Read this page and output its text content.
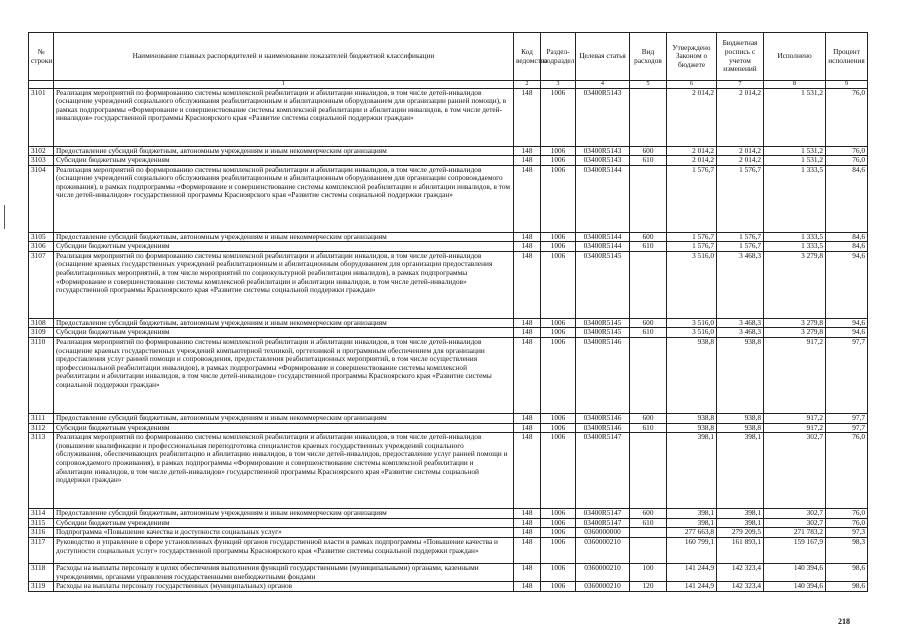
№ строки	Наименование главных распорядителей и наименование показателей бюджетной классификации	Код ведомства	Раздел-подраздел	Целевая статья	Вид расходов	Утверждено Законом о бюджете	Бюджетная роспись с учетом изменений	Исполнено	Процент исполнения
	1	2	3	4	5	6	7	8	9
3101	Реализация мероприятий по формированию системы комплексной реабилитации и абилитации инвалидов, в том числе детей-инвалидов (оснащение учреждений социального обслуживания реабилитационным и абилитационным оборудованием для организации ранней помощи), в рамках подпрограммы «Формирование и совершенствование системы комплексной реабилитации и абилитации инвалидов, в том числе детей-инвалидов» государственной программы Красноярского края «Развитие системы социальной поддержки граждан»	148	1006	03400R5143		2 014,2	2 014,2	1 531,2	76,0
3102	Предоставление субсидий бюджетным, автономным учреждениям и иным некоммерческим организациям	148	1006	03400R5143	600	2 014,2	2 014,2	1 531,2	76,0
3103	Субсидии бюджетным учреждениям	148	1006	03400R5143	610	2 014,2	2 014,2	1 531,2	76,0
3104	Реализация мероприятий по формированию системы комплексной реабилитации и абилитации инвалидов, в том числе детей-инвалидов (оснащение учреждений социального обслуживания реабилитационным и абилитационным оборудованием для организации сопровождаемого проживания), в рамках подпрограммы «Формирование и совершенствование системы комплексной реабилитации и абилитации инвалидов, в том числе детей-инвалидов» государственной программы Красноярского края «Развитие системы социальной поддержки граждан»	148	1006	03400R5144		1 576,7	1 576,7	1 333,5	84,6
3105	Предоставление субсидий бюджетным, автономным учреждениям и иным некоммерческим организациям	148	1006	03400R5144	600	1 576,7	1 576,7	1 333,5	84,6
3106	Субсидии бюджетным учреждениям	148	1006	03400R5144	610	1 576,7	1 576,7	1 333,5	84,6
3107	Реализация мероприятий по формированию системы комплексной реабилитации и абилитации инвалидов, в том числе детей-инвалидов (оснащение краевых государственных учреждений реабилитационным и абилитационным оборудованием для организации предоставления реабилитационных мероприятий, в том числе мероприятий по социокультурной реабилитации инвалидов), в рамках подпрограммы «Формирование и совершенствование системы комплексной реабилитации и абилитации инвалидов, в том числе детей-инвалидов» государственной программы Красноярского края «Развитие системы социальной поддержки граждан»	148	1006	03400R5145		3 516,0	3 468,3	3 279,8	94,6
3108	Предоставление субсидий бюджетным, автономным учреждениям и иным некоммерческим организациям	148	1006	03400R5145	600	3 516,0	3 468,3	3 279,8	94,6
3109	Субсидии бюджетным учреждениям	148	1006	03400R5145	610	3 516,0	3 468,3	3 279,8	94,6
3110	Реализация мероприятий по формированию системы комплексной реабилитации и абилитации инвалидов, в том числе детей-инвалидов (оснащение краевых государственных учреждений компьютерной техникой, оргтехникой и программным обеспечением для организации предоставления услуг ранней помощи и сопровождения, предоставления реабилитационных мероприятий, в том числе осуществления профессиональной реабилитации инвалидов), в рамках подпрограммы «Формирование и совершенствование системы комплексной реабилитации и абилитации инвалидов, в том числе детей-инвалидов» государственной программы Красноярского края «Развитие системы социальной поддержки граждан»	148	1006	03400R5146		938,8	938,8	917,2	97,7
3111	Предоставление субсидий бюджетным, автономным учреждениям и иным некоммерческим организациям	148	1006	03400R5146	600	938,8	938,8	917,2	97,7
3112	Субсидии бюджетным учреждениям	148	1006	03400R5146	610	938,8	938,8	917,2	97,7
3113	Реализация мероприятий по формированию системы комплексной реабилитации и абилитации инвалидов, в том числе детей-инвалидов (повышение квалификации и профессиональная переподготовка специалистов краевых государственных учреждений социального обслуживания, обеспечивающих реабилитацию и абилитацию инвалидов, в том числе детей-инвалидов, предоставление услуг ранней помощи и сопровождаемого проживания), в рамках подпрограммы «Формирование и совершенствование системы комплексной реабилитации и абилитации инвалидов, в том числе детей-инвалидов» государственной программы Красноярского края «Развитие системы социальной поддержки граждан»	148	1006	03400R5147		398,1	398,1	302,7	76,0
3114	Предоставление субсидий бюджетным, автономным учреждениям и иным некоммерческим организациям	148	1006	03400R5147	600	398,1	398,1	302,7	76,0
3115	Субсидии бюджетным учреждениям	148	1006	03400R5147	610	398,1	398,1	302,7	76,0
3116	Подпрограмма «Повышение качества и доступности социальных услуг»	148	1006	0360000000		277 663,8	279 209,5	271 783,2	97,3
3117	Руководство и управление в сфере установленных функций органов государственной власти в рамках подпрограммы «Повышение качества и доступности социальных услуг» государственной программы Красноярского края «Развитие системы социальной поддержки граждан»	148	1006	0360000210		160 799,1	161 893,1	159 167,9	98,3
3118	Расходы на выплаты персоналу в целях обеспечения выполнения функций государственными (муниципальными) органами, казенными учреждениями, органами управления государственными внебюджетными фондами	148	1006	0360000210	100	141 244,9	142 323,4	140 394,6	98,6
3119	Расходы на выплаты персоналу государственных (муниципальных) органов	148	1006	0360000210	120	141 244,9	142 323,4	140 394,6	98,6
218
